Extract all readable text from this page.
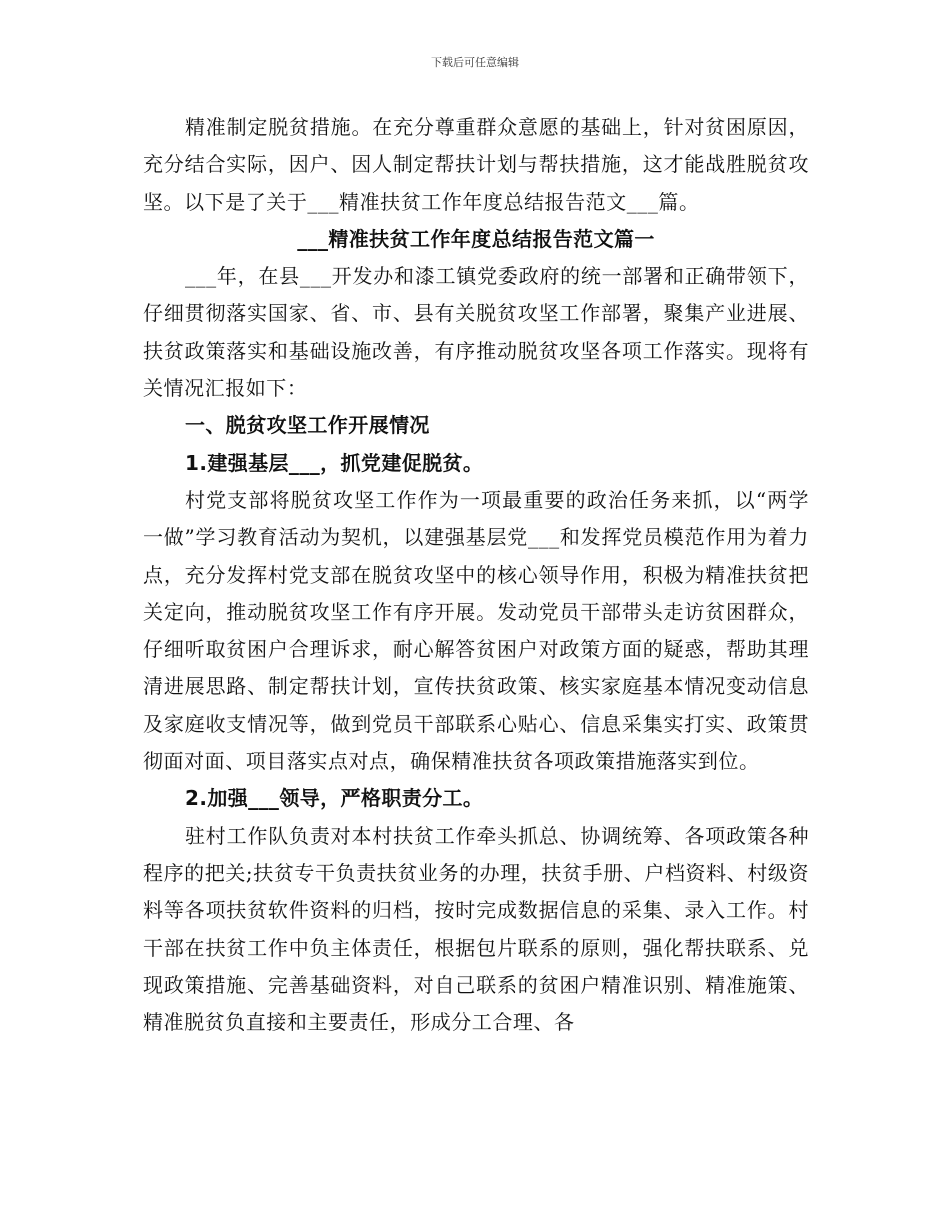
下载后可任意编辑

精准制定脱贫措施。在充分尊重群众意愿的基础上，针对贫困原因，充分结合实际，因户、因人制定帮扶计划与帮扶措施，这才能战胜脱贫攻坚。以下是了关于___精准扶贫工作年度总结报告范文___篇。

___精准扶贫工作年度总结报告范文篇一

___年，在县___开发办和漆工镇党委政府的统一部署和正确带领下，仔细贯彻落实国家、省、市、县有关脱贫攻坚工作部署，聚集产业进展、扶贫政策落实和基础设施改善，有序推动脱贫攻坚各项工作落实。现将有关情况汇报如下：

一、脱贫攻坚工作开展情况

1.建强基层___，抓党建促脱贫。

村党支部将脱贫攻坚工作作为一项最重要的政治任务来抓，以“两学一做”学习教育活动为契机，以建强基层党___和发挥党员模范作用为着力点，充分发挥村党支部在脱贫攻坚中的核心领导作用，积极为精准扶贫把关定向，推动脱贫攻坚工作有序开展。发动党员干部带头走访贫困群众，仔细听取贫困户合理诉求，耐心解答贫困户对政策方面的疑惑，帮助其理清进展思路、制定帮扶计划，宣传扶贫政策、核实家庭基本情况变动信息及家庭收支情况等，做到党员干部联系心贴心、信息采集实打实、政策贯彻面对面、项目落实点对点，确保精准扶贫各项政策措施落实到位。

2.加强___领导，严格职责分工。

驻村工作队负责对本村扶贫工作牵头抓总、协调统筹、各项政策各种程序的把关;扶贫专干负责扶贫业务的办理，扶贫手册、户档资料、村级资料等各项扶贫软件资料的归档，按时完成数据信息的采集、录入工作。村干部在扶贫工作中负主体责任，根据包片联系的原则，强化帮扶联系、兑现政策措施、完善基础资料，对自己联系的贫困户精准识别、精准施策、精准脱贫负直接和主要责任，形成分工合理、各
